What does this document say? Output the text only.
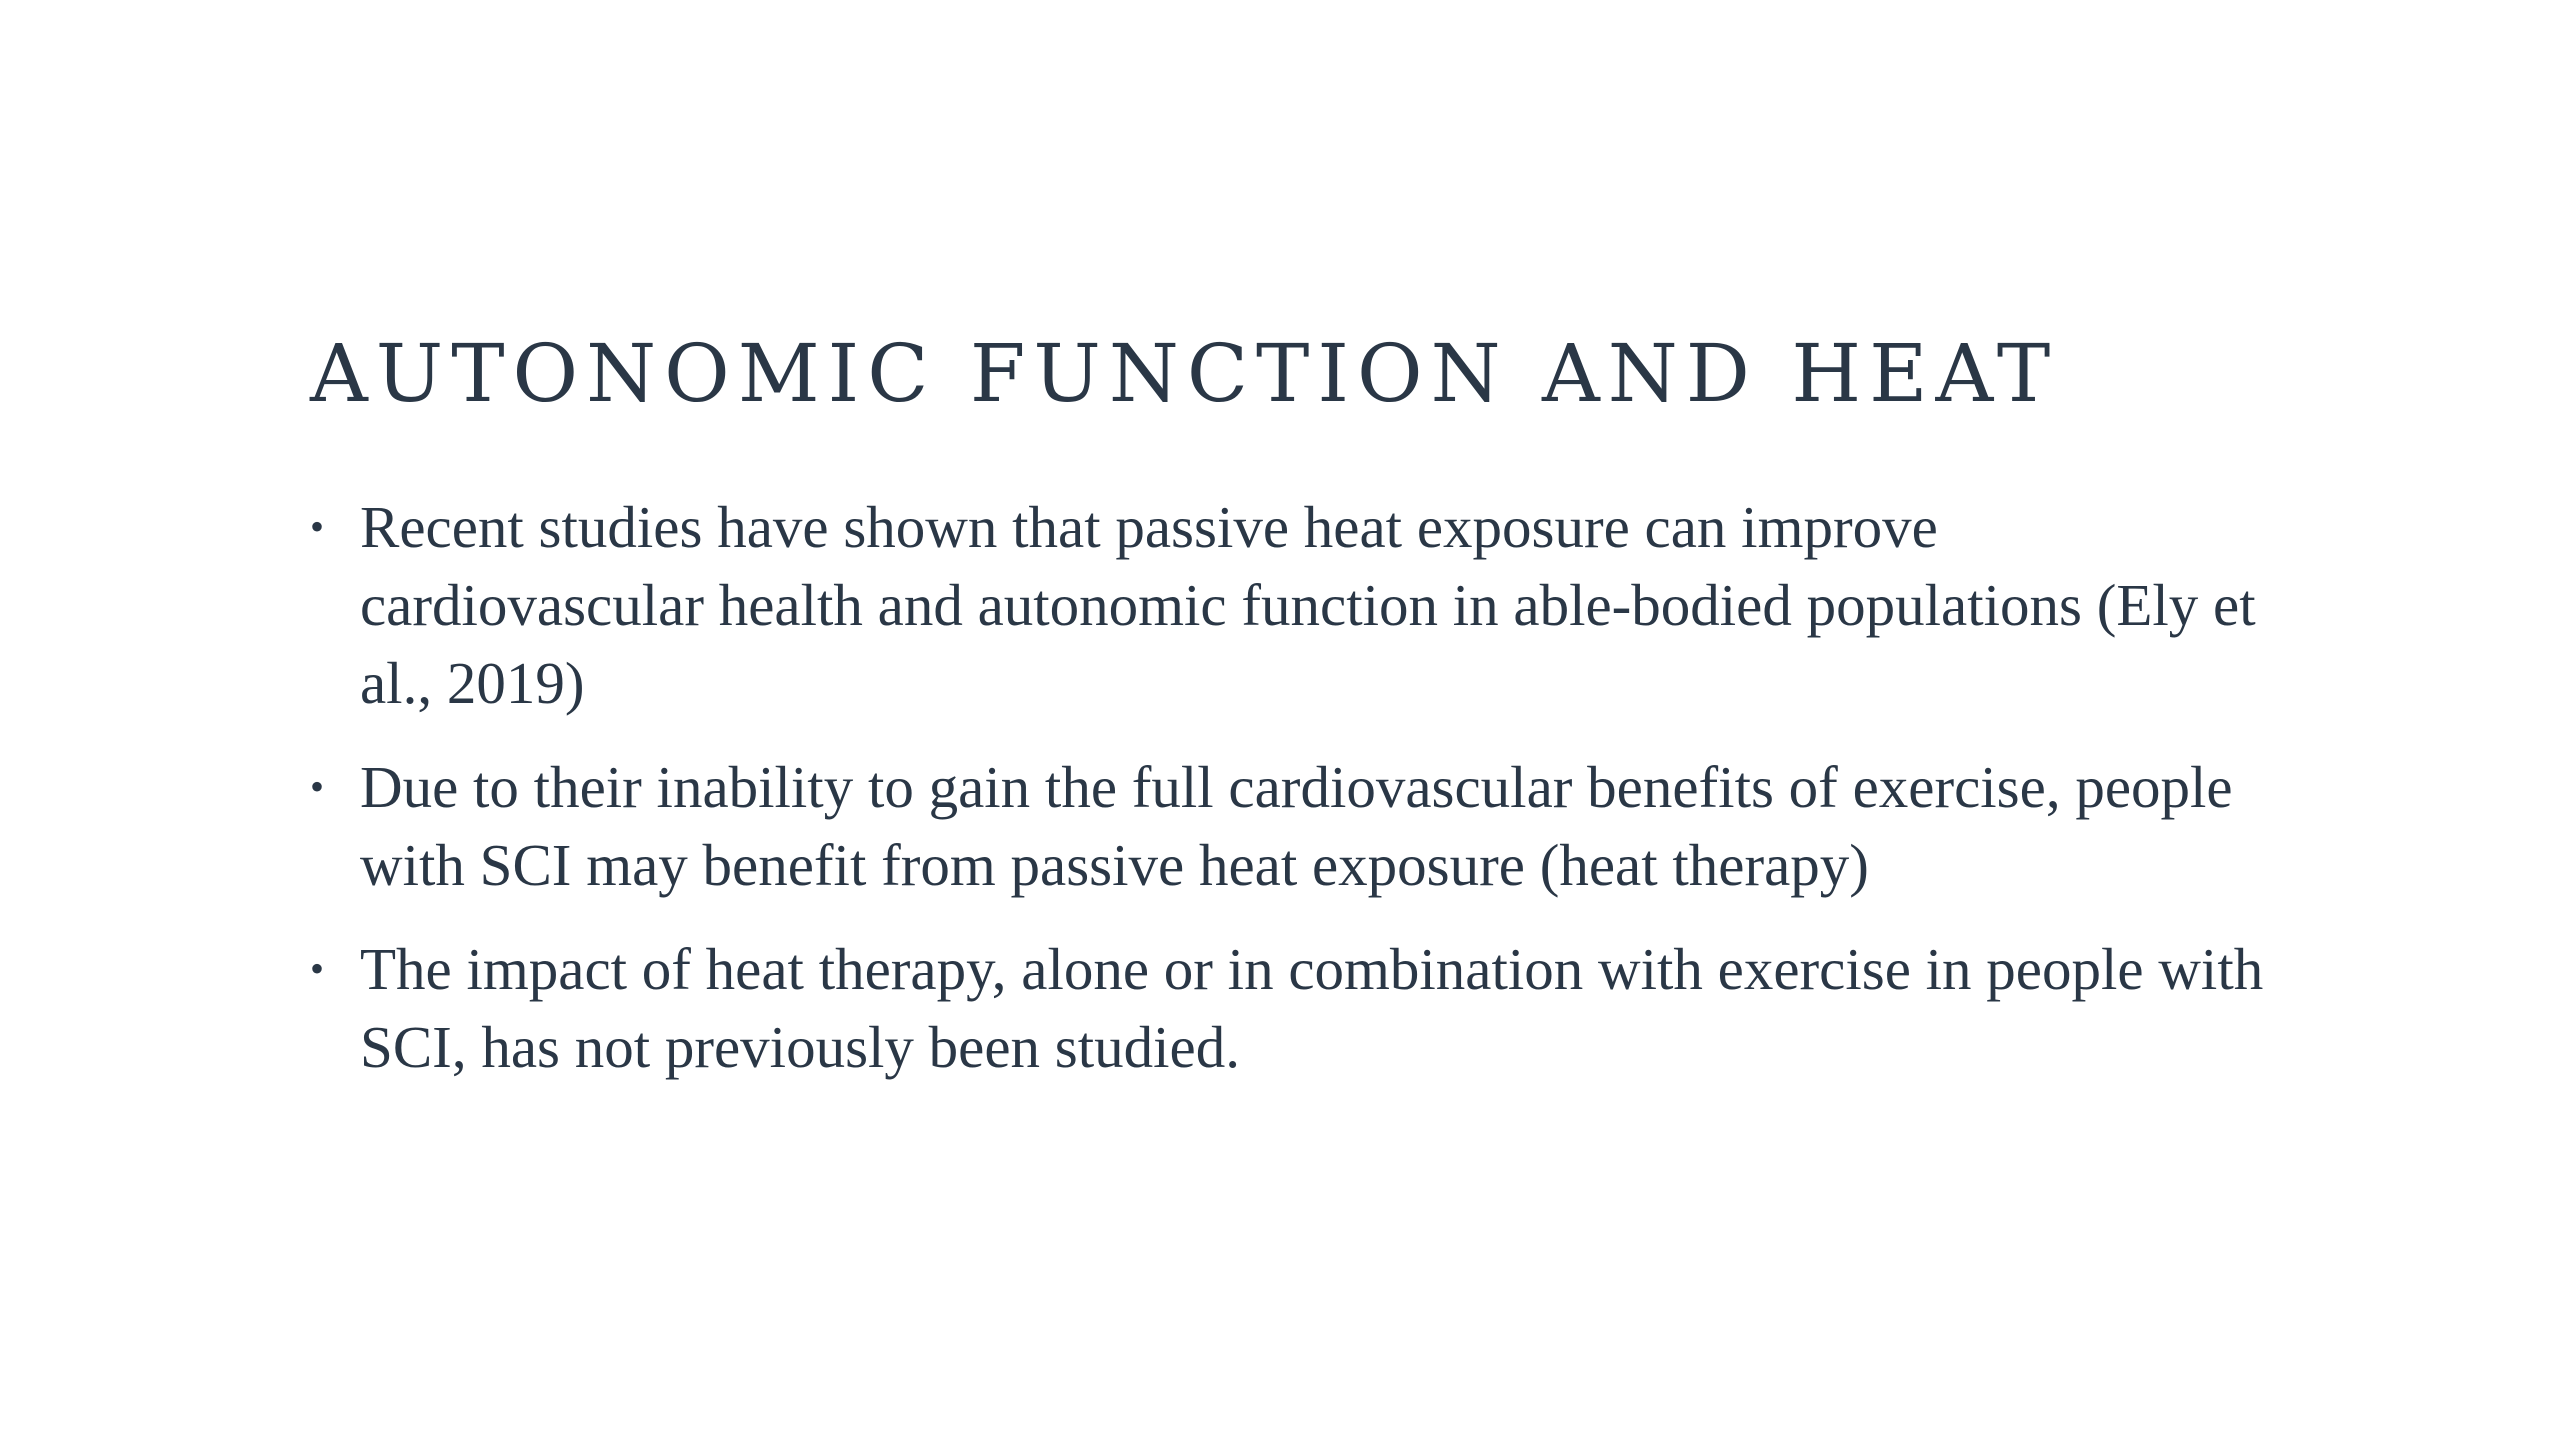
AUTONOMIC FUNCTION AND HEAT
• Recent studies have shown that passive heat exposure can improve cardiovascular health and autonomic function in able-bodied populations (Ely et al., 2019)
• Due to their inability to gain the full cardiovascular benefits of exercise, people with SCI may benefit from passive heat exposure (heat therapy)
• The impact of heat therapy, alone or in combination with exercise in people with SCI, has not previously been studied.
